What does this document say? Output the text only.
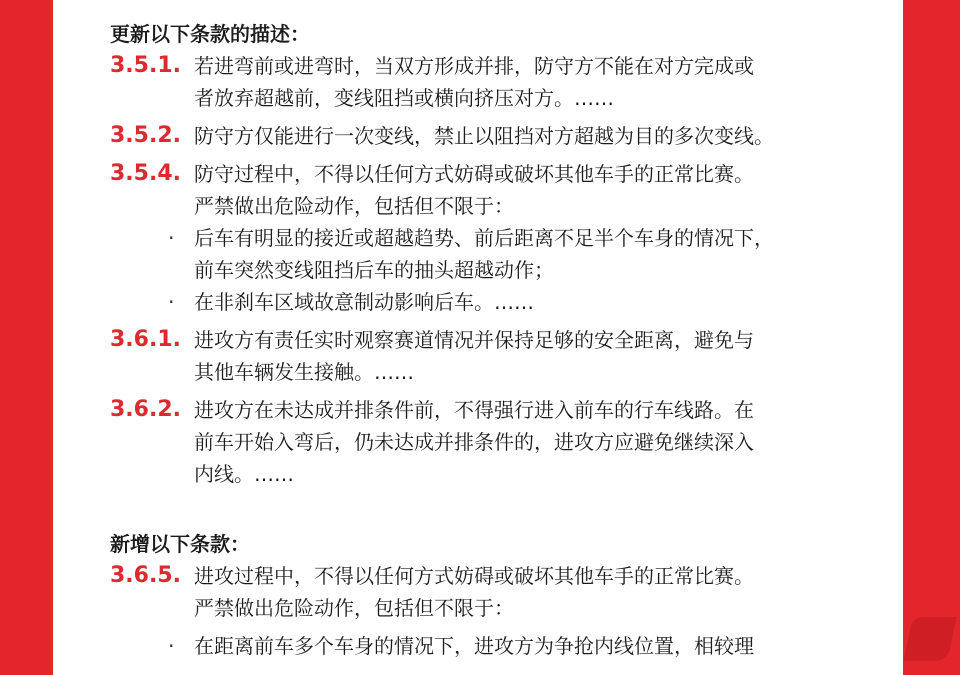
更新以下条款的描述：
3.5.1. 若进弯前或进弯时，当双方形成并排，防守方不能在对方完成或
者放弃超越前，变线阻挡或横向挤压对方。……
3.5.2. 防守方仅能进行一次变线，禁止以阻挡对方超越为目的多次变线。
3.5.4. 防守过程中，不得以任何方式妨碍或破坏其他车手的正常比赛。
严禁做出危险动作，包括但不限于：
· 后车有明显的接近或超越趋势、前后距离不足半个车身的情况下，
前车突然变线阻挡后车的抽头超越动作；
· 在非刹车区域故意制动影响后车。……
3.6.1. 进攻方有责任实时观察赛道情况并保持足够的安全距离，避免与
其他车辆发生接触。……
3.6.2. 进攻方在未达成并排条件前，不得强行进入前车的行车线路。在
前车开始入弯后，仍未达成并排条件的，进攻方应避免继续深入
内线。……
新增以下条款：
3.6.5. 进攻过程中，不得以任何方式妨碍或破坏其他车手的正常比赛。
严禁做出危险动作，包括但不限于：
· 在距离前车多个车身的情况下，进攻方为争抢内线位置，相较理
